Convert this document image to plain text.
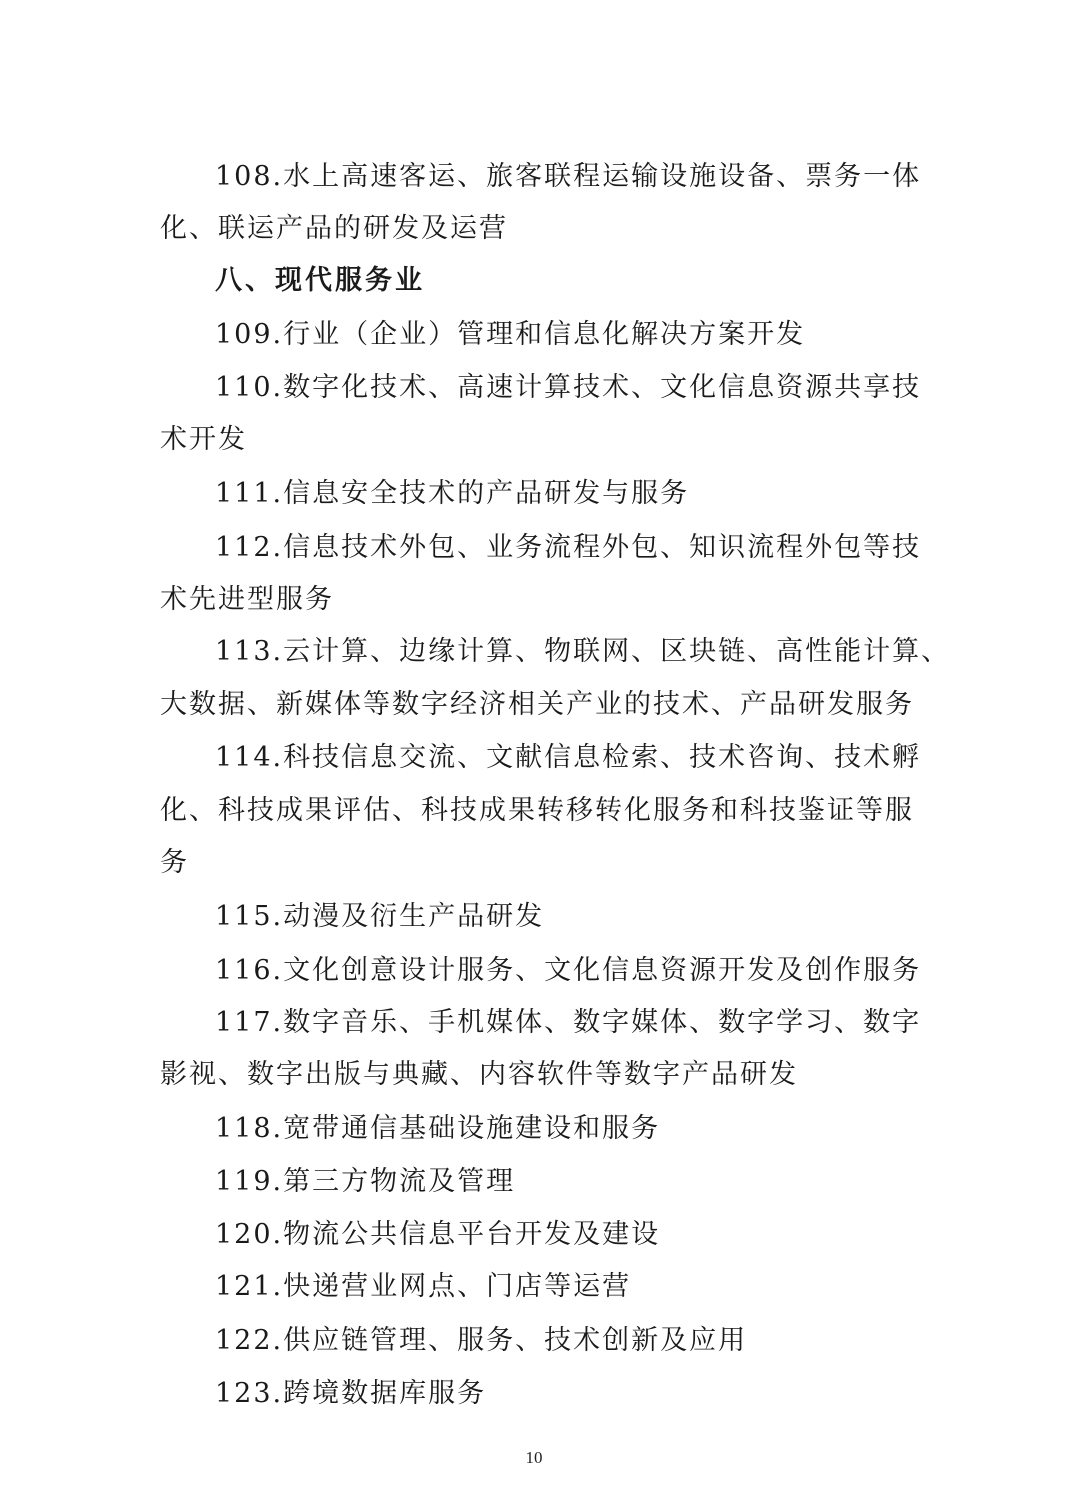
108.水上高速客运、旅客联程运输设施设备、票务一体
化、联运产品的研发及运营
八、现代服务业
109.行业（企业）管理和信息化解决方案开发
110.数字化技术、高速计算技术、文化信息资源共享技
术开发
111.信息安全技术的产品研发与服务
112.信息技术外包、业务流程外包、知识流程外包等技
术先进型服务
113.云计算、边缘计算、物联网、区块链、高性能计算、
大数据、新媒体等数字经济相关产业的技术、产品研发服务
114.科技信息交流、文献信息检索、技术咨询、技术孵
化、科技成果评估、科技成果转移转化服务和科技鉴证等服
务
115.动漫及衍生产品研发
116.文化创意设计服务、文化信息资源开发及创作服务
117.数字音乐、手机媒体、数字媒体、数字学习、数字
影视、数字出版与典藏、内容软件等数字产品研发
118.宽带通信基础设施建设和服务
119.第三方物流及管理
120.物流公共信息平台开发及建设
121.快递营业网点、门店等运营
122.供应链管理、服务、技术创新及应用
123.跨境数据库服务
10
